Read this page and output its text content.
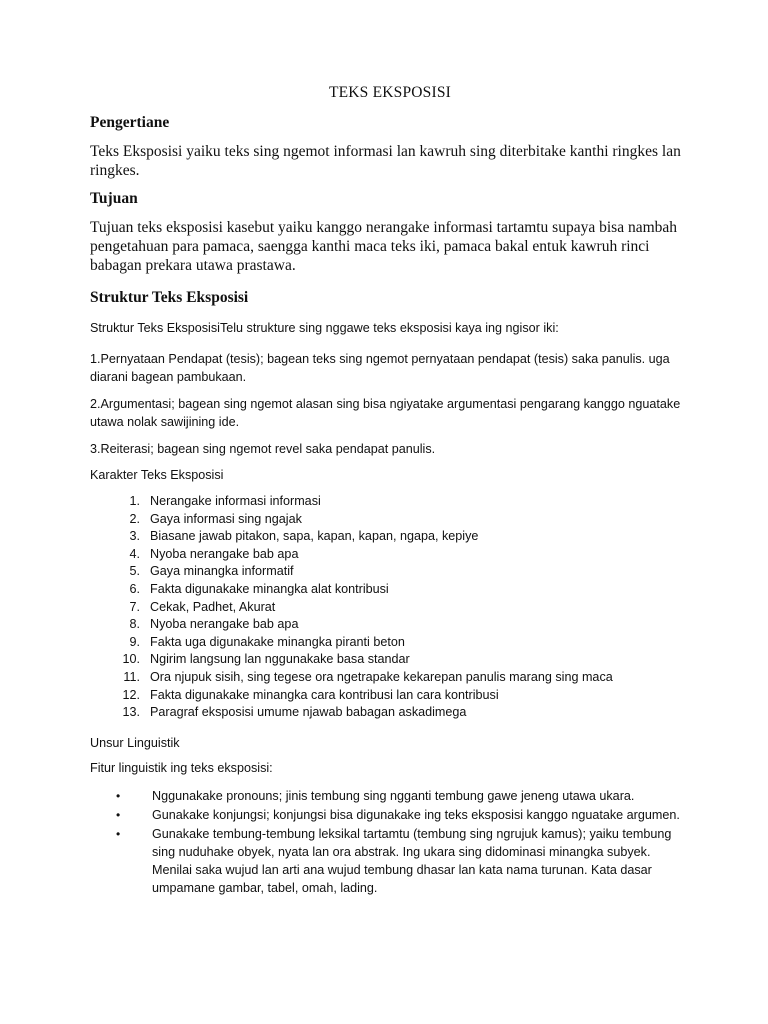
TEKS EKSPOSISI
Pengertiane

Teks Eksposisi yaiku teks sing ngemot informasi lan kawruh sing diterbitake kanthi ringkes lan ringkes.

Tujuan

Tujuan teks eksposisi kasebut yaiku kanggo nerangake informasi tartamtu supaya bisa nambah pengetahuan para pamaca, saengga kanthi maca teks iki, pamaca bakal entuk kawruh rinci babagan prekara utawa prastawa.

Struktur Teks Eksposisi

Struktur Teks EksposisiTelu strukture sing nggawe teks eksposisi kaya ing ngisor iki:

1.Pernyataan Pendapat (tesis); bagean teks sing ngemot pernyataan pendapat (tesis) saka panulis. uga diarani bagean pambukaan.

2.Argumentasi; bagean sing ngemot alasan sing bisa ngiyatake argumentasi pengarang kanggo nguatake utawa nolak sawijining ide.

3.Reiterasi; bagean sing ngemot revel saka pendapat panulis.

Karakter Teks Eksposisi
1. Nerangake informasi informasi
2. Gaya informasi sing ngajak
3. Biasane jawab pitakon, sapa, kapan, kapan, ngapa, kepiye
4. Nyoba nerangake bab apa
5. Gaya minangka informatif
6. Fakta digunakake minangka alat kontribusi
7. Cekak, Padhet, Akurat
8. Nyoba nerangake bab apa
9. Fakta uga digunakake minangka piranti beton
10. Ngirim langsung lan nggunakake basa standar
11. Ora njupuk sisih, sing tegese ora ngetrapake kekarepan panulis marang sing maca
12. Fakta digunakake minangka cara kontribusi lan cara kontribusi
13. Paragraf eksposisi umume njawab babagan askadimega
Unsur Linguistik
Fitur linguistik ing teks eksposisi:
•	Nggunakake pronouns; jinis tembung sing ngganti tembung gawe jeneng utawa ukara.
•	Gunakake konjungsi; konjungsi bisa digunakake ing teks eksposisi kanggo nguatake argumen.
•	Gunakake tembung-tembung leksikal tartamtu (tembung sing ngrujuk kamus); yaiku tembung sing nuduhake obyek, nyata lan ora abstrak. Ing ukara sing didominasi minangka subyek. Menilai saka wujud lan arti ana wujud tembung dhasar lan kata nama turunan. Kata dasar umpamane gambar, tabel, omah, lading.
